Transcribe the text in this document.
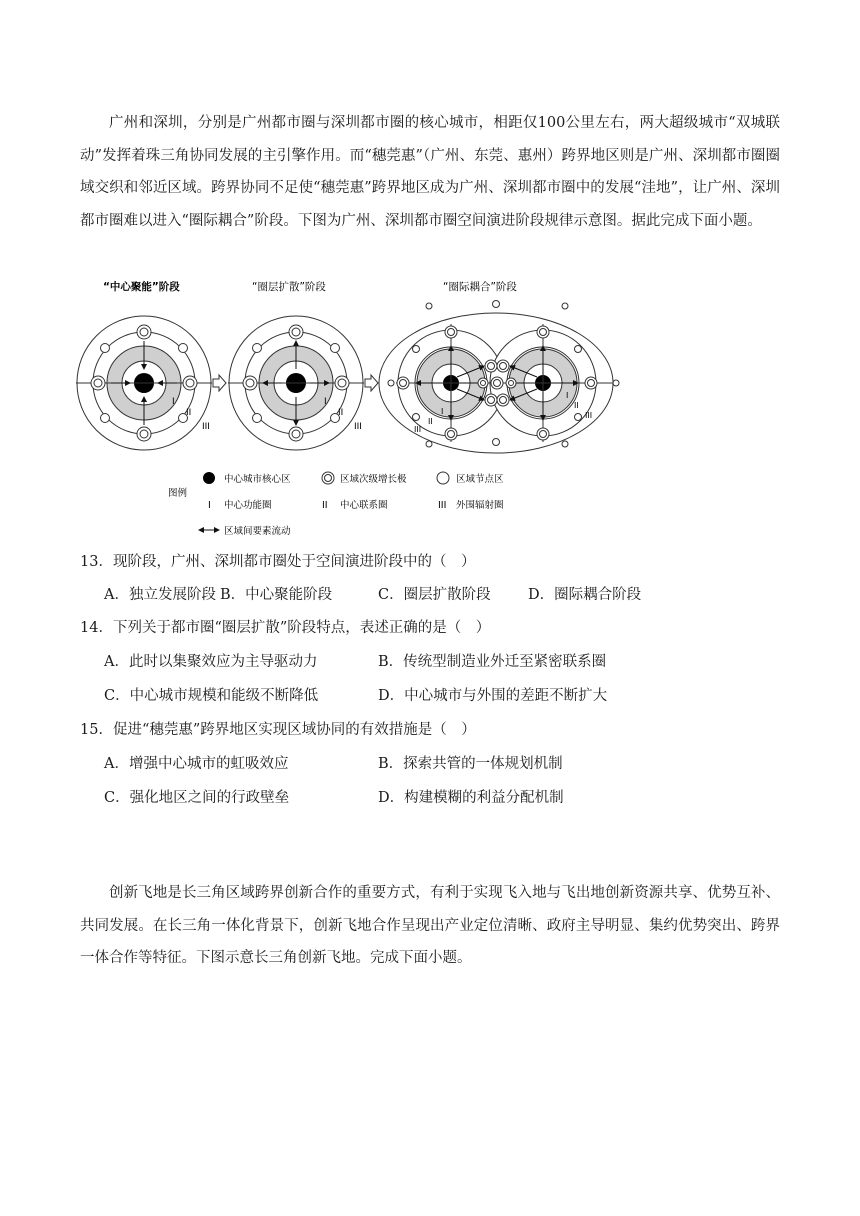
广州和深圳，分别是广州都市圈与深圳都市圈的核心城市，相距仅100公里左右，两大超级城市“双城联动”发挥着珠三角协同发展的主引擎作用。而“穗莞惠”（广州、东莞、惠州）跨界地区则是广州、深圳都市圈圈域交织和邻近区域。跨界协同不足使“穗莞惠”跨界地区成为广州、深圳都市圈中的发展“洼地”，让广州、深圳都市圈难以进入“圈际耦合”阶段。下图为广州、深圳都市圈空间演进阶段规律示意图。据此完成下面小题。

“中心聚能”阶段	“圈层扩散”阶段	“圈际耦合”阶段
I
II
III
I
II
III
I
II
III
I
II
III
图例
中心城市核心区	区域次级增长极	区域节点区
I 中心功能圈	II 中心联系圈	III 外围辐射圈
区域间要素流动

13．现阶段，广州、深圳都市圈处于空间演进阶段中的（　）

A．独立发展阶段 B．中心聚能阶段	C．圈层扩散阶段	D．圈际耦合阶段

14．下列关于都市圈“圈层扩散”阶段特点，表述正确的是（　）

A．此时以集聚效应为主导驱动力	B．传统型制造业外迁至紧密联系圈

C．中心城市规模和能级不断降低	D．中心城市与外围的差距不断扩大

15．促进“穗莞惠”跨界地区实现区域协同的有效措施是（　）

A．增强中心城市的虹吸效应	B．探索共管的一体规划机制

C．强化地区之间的行政壁垒	D．构建模糊的利益分配机制

创新飞地是长三角区域跨界创新合作的重要方式，有利于实现飞入地与飞出地创新资源共享、优势互补、共同发展。在长三角一体化背景下，创新飞地合作呈现出产业定位清晰、政府主导明显、集约优势突出、跨界一体合作等特征。下图示意长三角创新飞地。完成下面小题。
